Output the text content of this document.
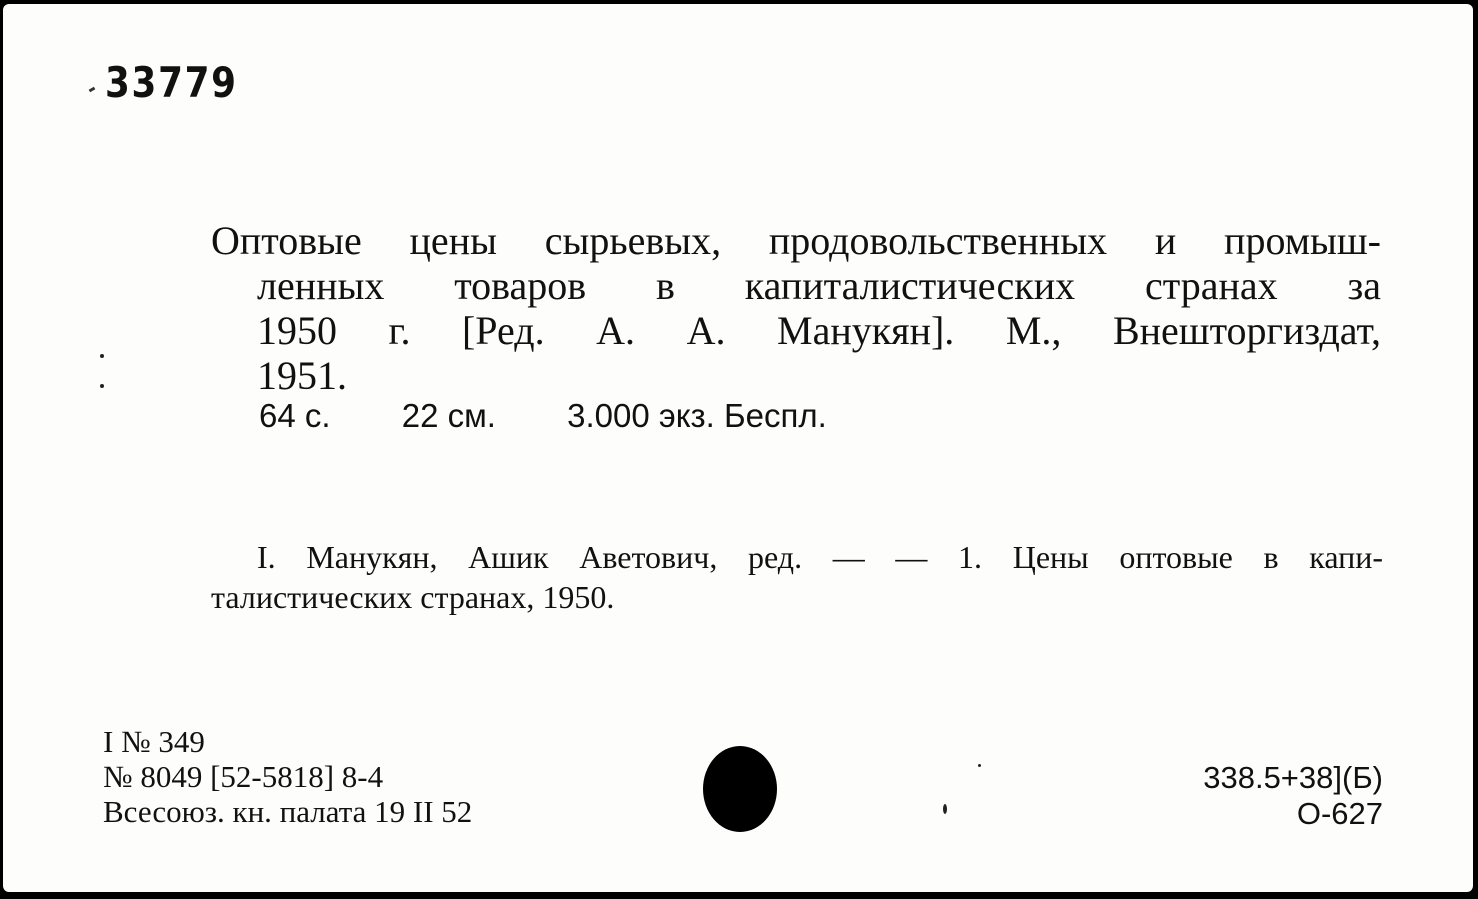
33779
Оптовые цены сырьевых, продовольственных и промыш-
ленных товаров в капиталистических странах за
1950 г. [Ред. А. А. Манукян]. М., Внешторгиздат,
1951.
64 с. 22 см. 3.000 экз. Беспл.
I. Манукян, Ашик Аветович, ред. — — 1. Цены оптовые в капи-
талистических странах, 1950.
I № 349
№ 8049 [52-5818] 8-4
Всесоюз. кн. палата 19 II 52
338.5+38](Б)
О-627
